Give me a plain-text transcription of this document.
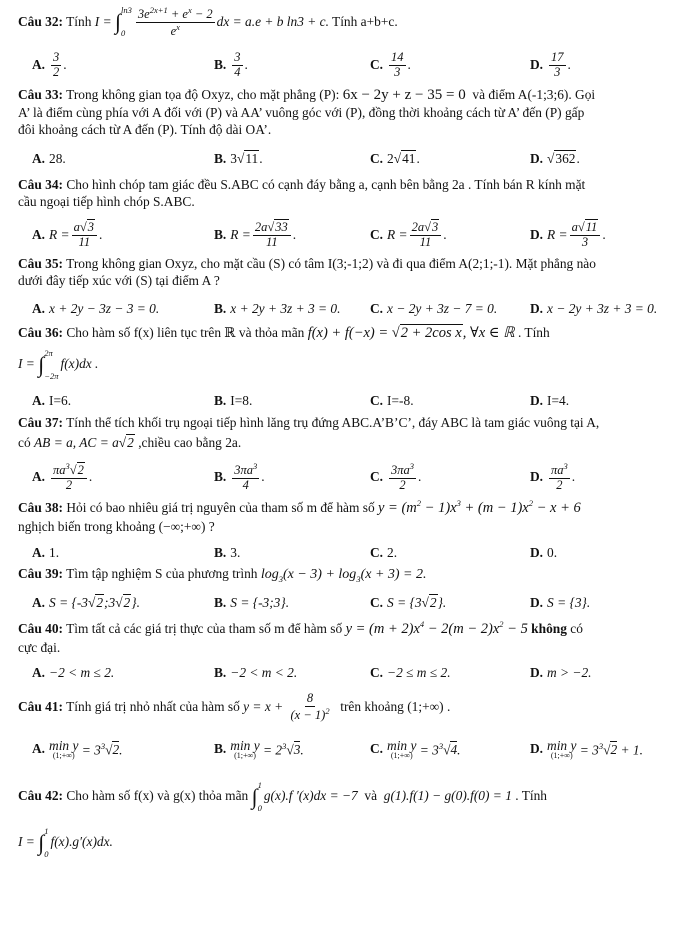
Câu 32: Tính I = ∫ ln3
$0 \frac{3e^{2x+1} + e^x - 2}{e^x}$ dx = a.e + b ln3 + c. Tính a+b+c.
A. $\frac{3}{2}$ .	B. $\frac{3}{4}$ .	C. $\frac{14}{3}$ .	D. $\frac{17}{3}$ .
Câu 33: Trong không gian tọa độ Oxyz, cho mặt phẳng (P): 6x − 2y + z − 35 = 0  và điểm A(-1;3;6). Gọi
A’ là điểm cùng phía với A đối với (P) và AA’ vuông góc với (P), đồng thời khoảng cách từ A’ đến (P) gấp
đôi khoảng cách từ A đến (P). Tính độ dài OA’.
A. 28.	B. 3√11.	C. 2√41.	D. √362.
Câu 34: Cho hình chóp tam giác đều S.ABC có cạnh đáy bằng a, cạnh bên bằng 2a . Tính bán R kính mặt
cầu ngoại tiếp hình chóp S.ABC.
A. $R = \frac{a√3}{11}$ .	B. $R = \frac{2a√33}{11}$ .	C. $R = \frac{2a√3}{11}$ .	D. $R = \frac{a√11}{3}$ .
Câu 35: Trong không gian Oxyz, cho mặt cầu (S) có tâm I(3;-1;2) và đi qua điểm A(2;1;-1). Mặt phẳng nào
dưới đây tiếp xúc với (S) tại điểm A ?
A. x + 2y − 3z − 3 = 0.	B. x + 2y + 3z + 3 = 0. C. x − 2y + 3z − 7 = 0. D. x − 2y + 3z + 3 = 0.
Câu 36: Cho hàm số f(x) liên tục trên ℝ và thỏa mãn f(x) + f(−x) = √2 + 2cos x, ∀x ∈ ℝ . Tính
I = ∫ 2π
−2π
f(x)dx .
A. I=6.	B. I=8.	C. I=-8.	D. I=4.
Câu 37: Tính thể tích khối trụ ngoại tiếp hình lăng trụ đứng ABC.A’B’C’, đáy ABC là tam giác vuông tại A,
có AB = a, AC = a√2 ,chiều cao bằng 2a.
A. $\frac{\pi a^3√2}{2}$ .	B. $\frac{3\pi a^3}{4}$ .	C. $\frac{3\pi a^3}{2}$ .	D. $\frac{\pi a^3}{2}$ .
Câu 38: Hỏi có bao nhiêu giá trị nguyên của tham số m để hàm số $y = (m^2 - 1)x^3 + (m - 1)x^2 - x + 6$
nghịch biến trong khoảng (−∞;+∞) ?
A. 1.	B. 3.	C. 2.	D. 0.
Câu 39: Tìm tập nghiệm S của phương trình $\log_3(x - 3) + \log_3(x + 3) = 2$.
A. S = {-3√2;3√2}.	B. S = {-3;3}.	C. S = {3√2}.	D. S = {3}.
Câu 40: Tìm tất cả các giá trị thực của tham số m để hàm số $y = (m + 2)x^4 - 2(m - 2)x^2 - 5$ không có
cực đại.
A. −2 < m ≤ 2.	B. −2 < m < 2.	C. −2 ≤ m ≤ 2.	D. m > −2.
Câu 41: Tính giá trị nhỏ nhất của hàm số $y = x + \frac{8}{(x - 1)^2}$ trên khoảng (1;+∞) .
A. min y
(1;+∞) = $3^3√2$.	B. min y
(1;+∞) = $2^3√3$.	C. min y
(1;+∞) = $3^3√4$.	D. min y
(1;+∞) = $3^3√2 + 1$.
Câu 42: Cho hàm số f(x) và g(x) thỏa mãn ∫ 1
0
g(x).f ′(x)dx = −7 và g(1).f(1) − g(0).f(0) = 1 . Tính
I = ∫ 1
0
f(x).g′(x)dx.
